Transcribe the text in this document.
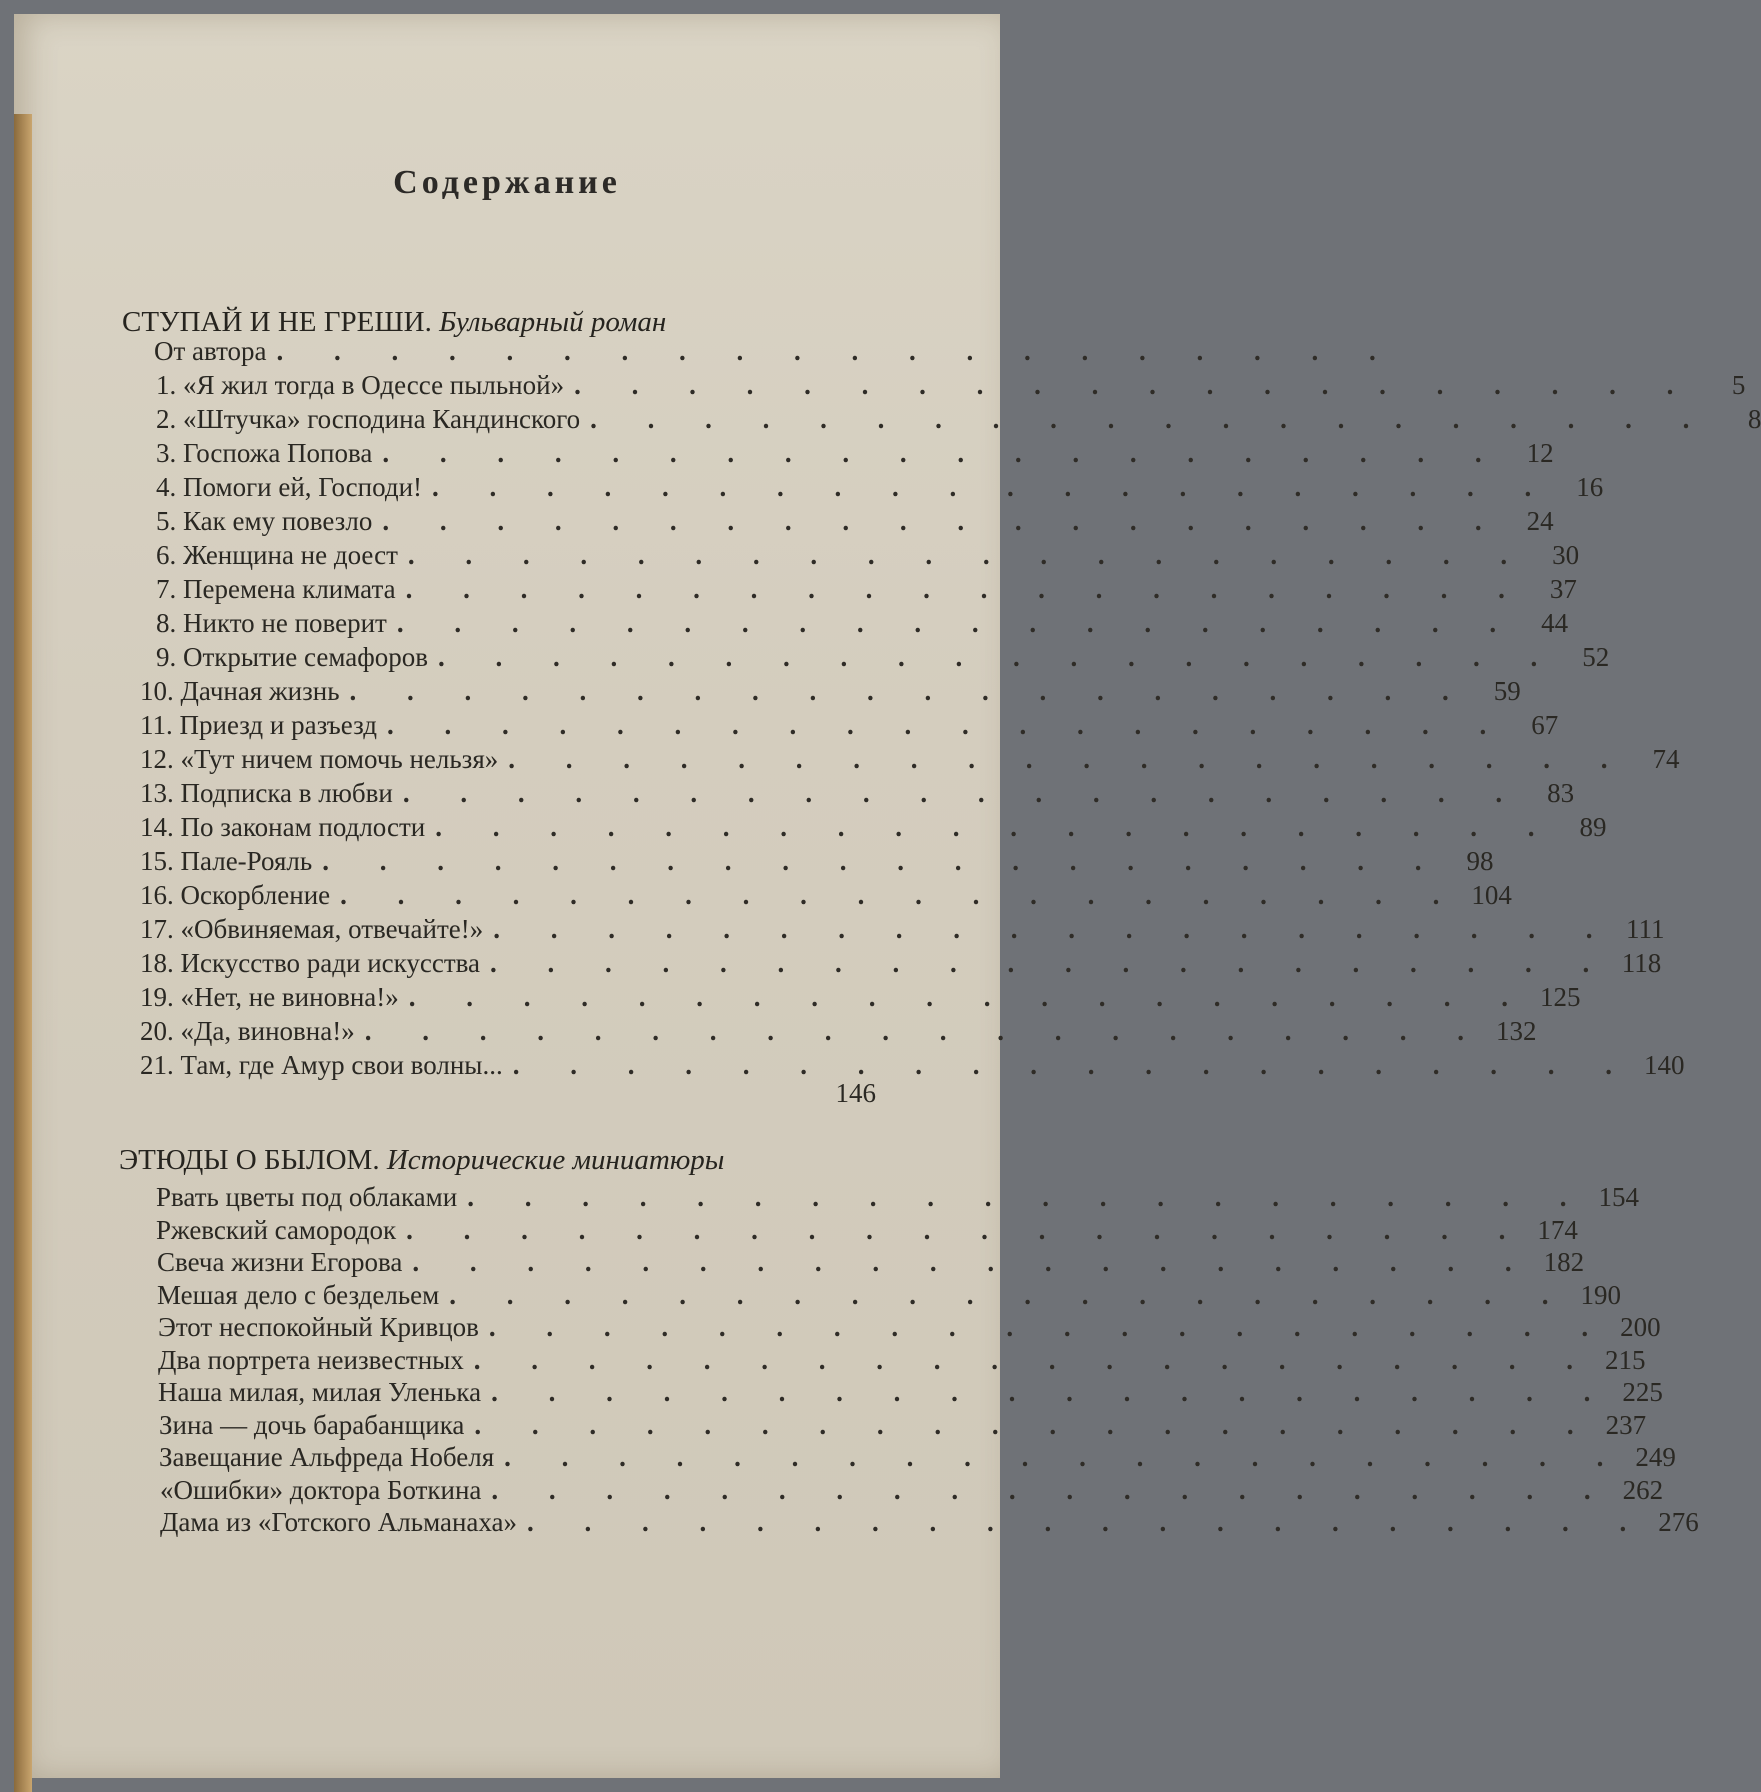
Содержание
СТУПАЙ И НЕ ГРЕШИ. Бульварный роман
От автора . . . . . . . . . . . . . . . . . . . .
1. «Я жил тогда в Одессе пыльной» . . . . . . . . . . . . . . . . . . . .	5
2. «Штучка» господина Кандинского . . . . . . . . . . . . . . . . . . . .	8
3. Госпожа Попова . . . . . . . . . . . . . . . . . . . . 12
4. Помоги ей, Господи! . . . . . . . . . . . . . . . . . . . . 16
5. Как ему повезло . . . . . . . . . . . . . . . . . . . . 24
6. Женщина не доест . . . . . . . . . . . . . . . . . . . . 30
7. Перемена климата . . . . . . . . . . . . . . . . . . . . 37
8. Никто не поверит . . . . . . . . . . . . . . . . . . . . 44
9. Открытие семафоров . . . . . . . . . . . . . . . . . . . . 52
10. Дачная жизнь . . . . . . . . . . . . . . . . . . . . 59
11. Приезд и разъезд . . . . . . . . . . . . . . . . . . . . 67
12. «Тут ничем помочь нельзя» . . . . . . . . . . . . . . . . . . . . 74
13. Подписка в любви . . . . . . . . . . . . . . . . . . . . 83
14. По законам подлости . . . . . . . . . . . . . . . . . . . . 89
15. Пале-Рояль . . . . . . . . . . . . . . . . . . . . 98
16. Оскорбление . . . . . . . . . . . . . . . . . . . . 104
17. «Обвиняемая, отвечайте!» . . . . . . . . . . . . . . . . . . . . 111
18. Искусство ради искусства . . . . . . . . . . . . . . . . . . . . 118
19. «Нет, не виновна!» . . . . . . . . . . . . . . . . . . . . 125
20. «Да, виновна!» . . . . . . . . . . . . . . . . . . . . 132
21. Там, где Амур свои волны... . . . . . . . . . . . . . . . . . . . . 140
146
ЭТЮДЫ О БЫЛОМ. Исторические миниатюры
Рвать цветы под облаками . . . . . . . . . . . . . . . . . . . . 154
Ржевский самородок . . . . . . . . . . . . . . . . . . . . 174
Свеча жизни Егорова . . . . . . . . . . . . . . . . . . . . 182
Мешая дело с бездельем . . . . . . . . . . . . . . . . . . . . 190
Этот неспокойный Кривцов . . . . . . . . . . . . . . . . . . . . 200
Два портрета неизвестных . . . . . . . . . . . . . . . . . . . . 215
Наша милая, милая Уленька . . . . . . . . . . . . . . . . . . . . 225
Зина — дочь барабанщика . . . . . . . . . . . . . . . . . . . . 237
Завещание Альфреда Нобеля . . . . . . . . . . . . . . . . . . . . 249
«Ошибки» доктора Боткина . . . . . . . . . . . . . . . . . . . . 262
Дама из «Готского Альманаха» . . . . . . . . . . . . . . . . . . . . 276
